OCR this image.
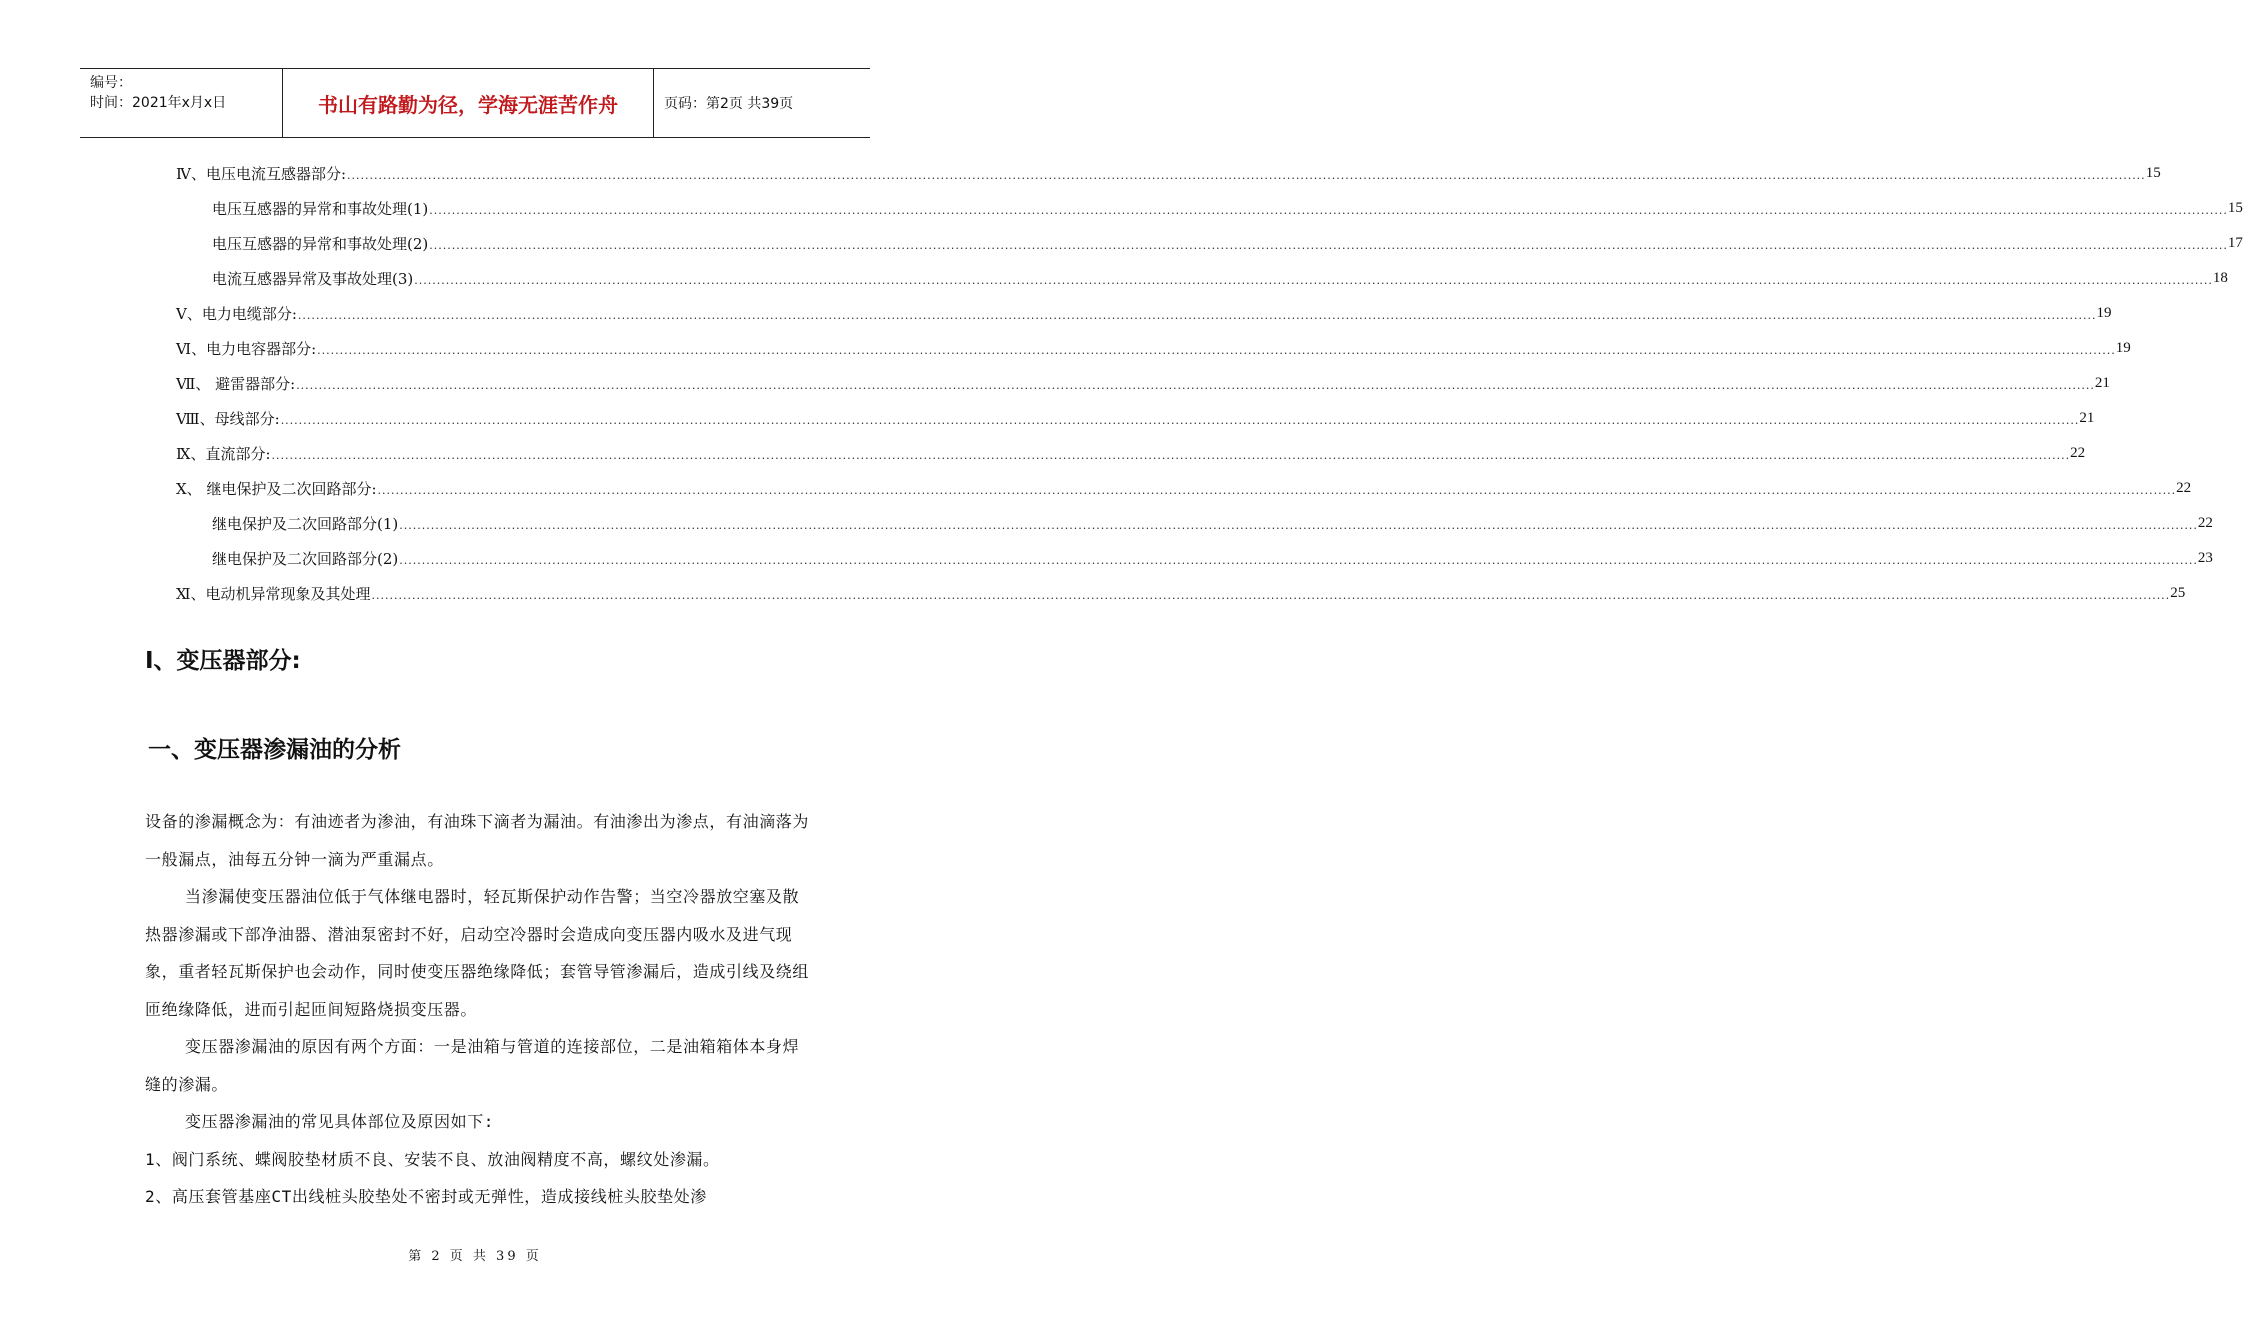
编号：
时间：2021年x月x日	书山有路勤为径，学海无涯苦作舟	页码：第2页 共39页
Ⅳ、电压电流互感器部分: ................................................................................................................................................................................................................................................................................................................................................................................................................ 15
电压互感器的异常和事故处理(1) ................................................................................................................................................................................................................................................................................................................................................................................................................ 15
电压互感器的异常和事故处理(2) ................................................................................................................................................................................................................................................................................................................................................................................................................ 17
电流互感器异常及事故处理(3) ................................................................................................................................................................................................................................................................................................................................................................................................................ 18
Ⅴ、电力电缆部分: ................................................................................................................................................................................................................................................................................................................................................................................................................ 19
Ⅵ、电力电容器部分: ................................................................................................................................................................................................................................................................................................................................................................................................................ 19
Ⅶ、 避雷器部分: ................................................................................................................................................................................................................................................................................................................................................................................................................ 21
Ⅷ、母线部分: ................................................................................................................................................................................................................................................................................................................................................................................................................ 21
Ⅸ、直流部分: ................................................................................................................................................................................................................................................................................................................................................................................................................ 22
Ⅹ、 继电保护及二次回路部分: ................................................................................................................................................................................................................................................................................................................................................................................................................ 22
继电保护及二次回路部分(1) ................................................................................................................................................................................................................................................................................................................................................................................................................ 22
继电保护及二次回路部分(2) ................................................................................................................................................................................................................................................................................................................................................................................................................ 23
Ⅺ、电动机异常现象及其处理 ................................................................................................................................................................................................................................................................................................................................................................................................................ 25
Ⅰ、变压器部分:
一、变压器渗漏油的分析

设备的渗漏概念为：有油迹者为渗油，有油珠下滴者为漏油。有油渗出为渗点，有油滴落为一般漏点，油每五分钟一滴为严重漏点。

当渗漏使变压器油位低于气体继电器时，轻瓦斯保护动作告警；当空冷器放空塞及散热器渗漏或下部净油器、潜油泵密封不好，启动空冷器时会造成向变压器内吸水及进气现象，重者轻瓦斯保护也会动作，同时使变压器绝缘降低；套管导管渗漏后，造成引线及绕组匝绝缘降低，进而引起匝间短路烧损变压器。

变压器渗漏油的原因有两个方面：一是油箱与管道的连接部位，二是油箱箱体本身焊缝的渗漏。

变压器渗漏油的常见具体部位及原因如下:

1、阀门系统、蝶阀胶垫材质不良、安装不良、放油阀精度不高，螺纹处渗漏。

2、高压套管基座CT出线桩头胶垫处不密封或无弹性，造成接线桩头胶垫处渗

第 2 页 共 39 页
